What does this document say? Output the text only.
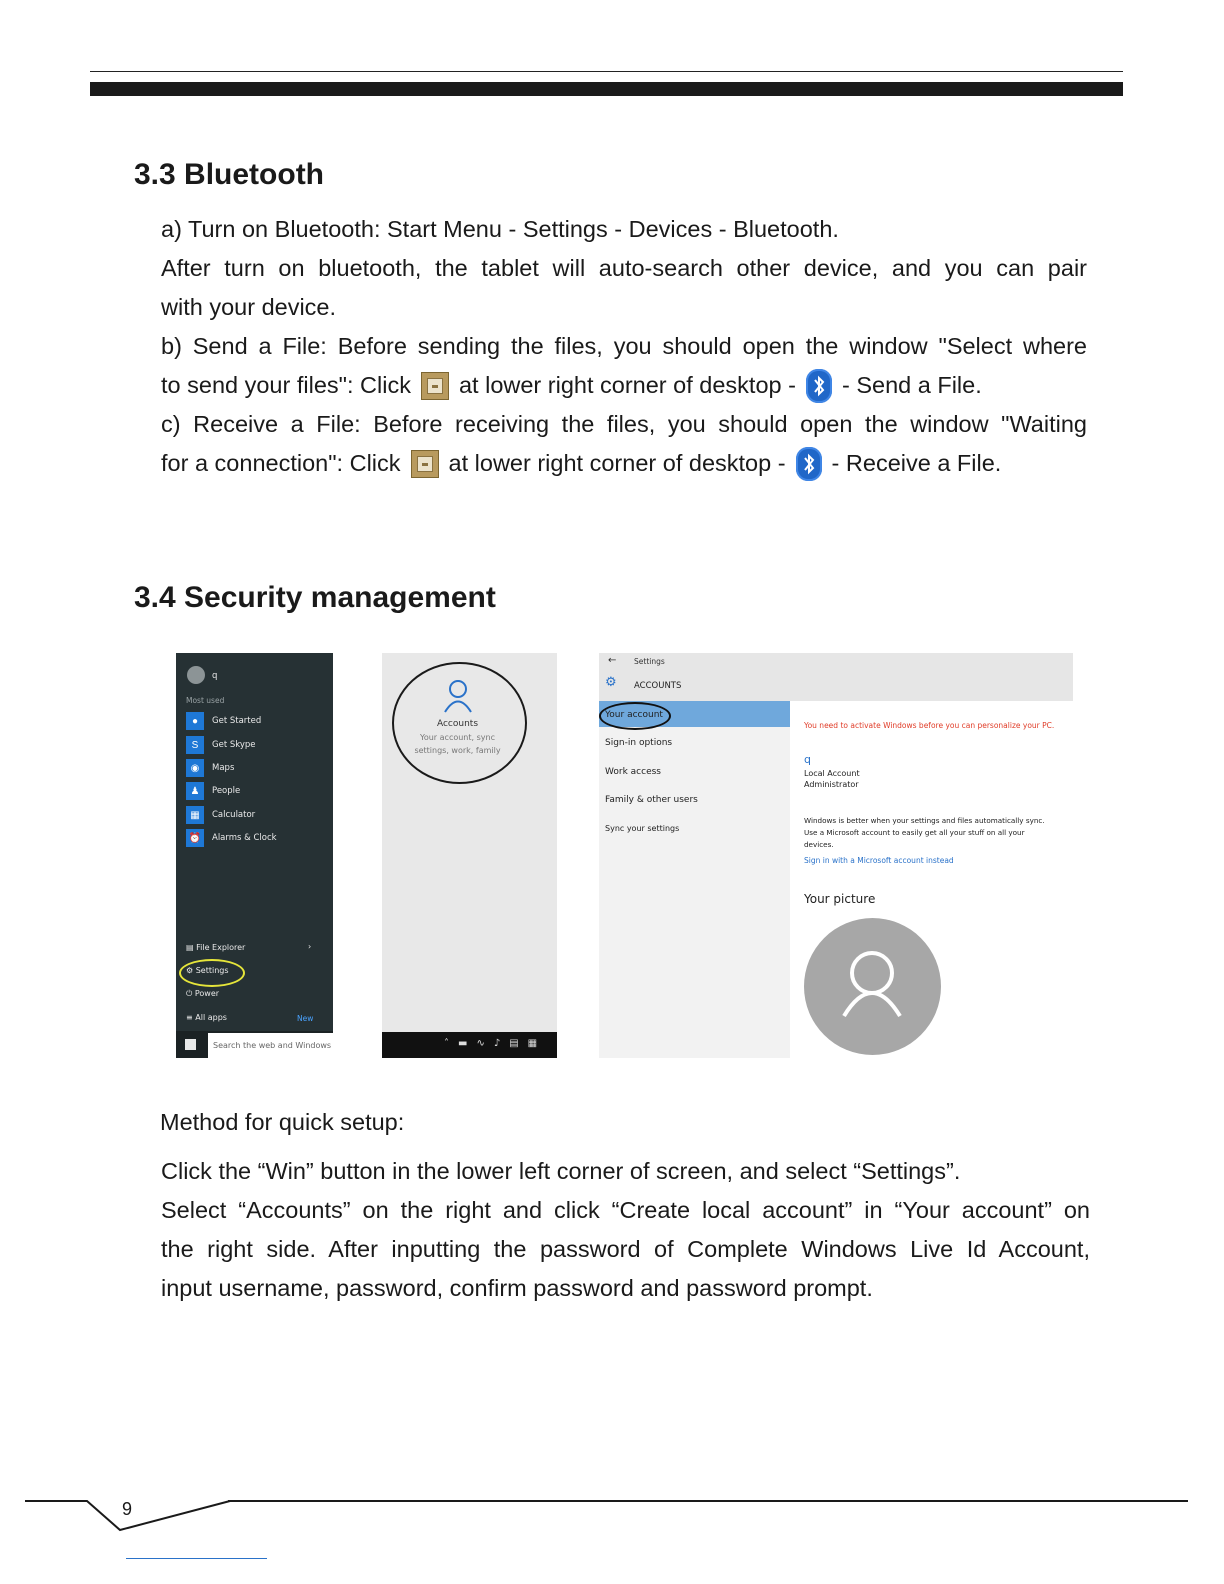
3.3 Bluetooth

a) Turn on Bluetooth: Start Menu - Settings - Devices - Bluetooth.

After turn on bluetooth, the tablet will auto-search other device, and you can pair

with your device.

b) Send a File: Before sending the files, you should open the window "Select where

to send your files": Click at lower right corner of desktop - - Send a File.

c) Receive a File: Before receiving the files, you should open the window "Waiting

for a connection": Click at lower right corner of desktop - - Receive a File.
3.4 Security management
q
Most used
●	Get Started
S	Get Skype
◉	Maps
♟	People
▦	Calculator
⏰	Alarms & Clock
▤ File Explorer	›
⚙ Settings
⏻ Power
≡ All apps	New
Search the web and Windows
Accounts
Your account, sync
settings, work, family
˄▬∿♪▤▦
← Settings
⚙ ACCOUNTS
Your account
Sign-in options
Work access
Family & other users
Sync your settings
You need to activate Windows before you can personalize your PC.
q
Local Account
Administrator
Windows is better when your settings and files automatically sync.
Use a Microsoft account to easily get all your stuff on all your
devices.
Sign in with a Microsoft account instead
Your picture

Method for quick setup:

Click the “Win” button in the lower left corner of screen, and select “Settings”.

Select “Accounts” on the right and click “Create local account” in “Your account” on

the right side. After inputting the password of Complete Windows Live Id Account,

input username, password, confirm password and password prompt.

9
